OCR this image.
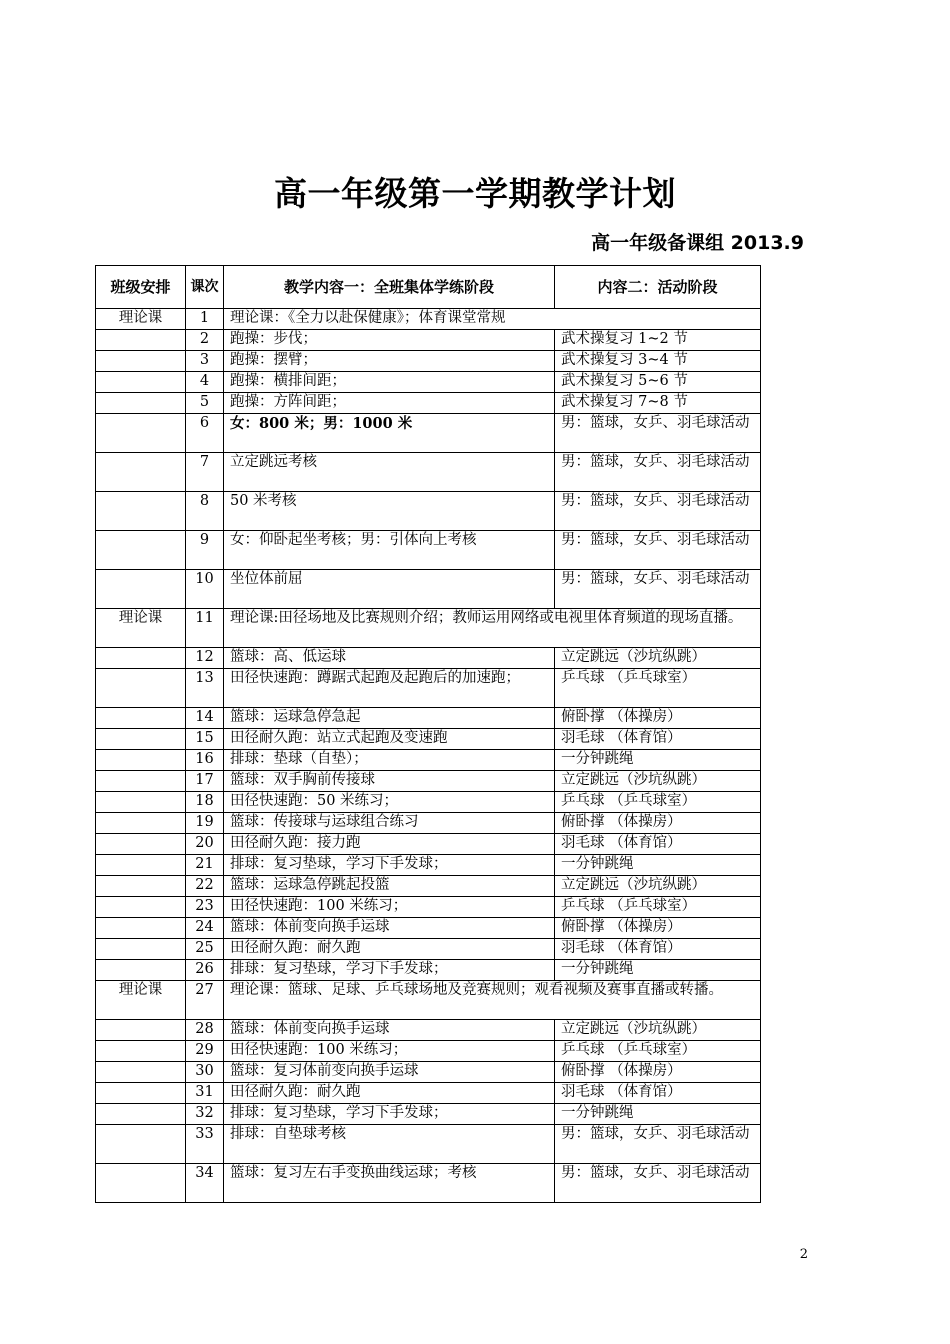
高一年级第一学期教学计划
高一年级备课组 2013.9
班级安排	课次	教学内容一：全班集体学练阶段	内容二：活动阶段
理论课	1	理论课：《全力以赴保健康》；体育课堂常规	
	2	跑操：步伐；	武术操复习 1~2 节
	3	跑操：摆臂；	武术操复习 3~4 节
	4	跑操：横排间距；	武术操复习 5~6 节
	5	跑操：方阵间距；	武术操复习 7~8 节
	6	女：800 米；男：1000 米	男：篮球，女乒、羽毛球活动
	7	立定跳远考核	男：篮球，女乒、羽毛球活动
	8	50 米考核	男：篮球，女乒、羽毛球活动
	9	女：仰卧起坐考核；男：引体向上考核	男：篮球，女乒、羽毛球活动
	10	坐位体前屈	男：篮球，女乒、羽毛球活动
理论课	11	理论课:田径场地及比赛规则介绍；教师运用网络或电视里体育频道的现场直播。	
	12	篮球：高、低运球	立定跳远（沙坑纵跳）
	13	田径快速跑：蹲踞式起跑及起跑后的加速跑；	乒乓球 （乒乓球室）
	14	篮球：运球急停急起	俯卧撑 （体操房）
	15	田径耐久跑：站立式起跑及变速跑	羽毛球 （体育馆）
	16	排球：垫球（自垫）；	一分钟跳绳
	17	篮球：双手胸前传接球	立定跳远（沙坑纵跳）
	18	田径快速跑：50 米练习；	乒乓球 （乒乓球室）
	19	篮球：传接球与运球组合练习	俯卧撑 （体操房）
	20	田径耐久跑：接力跑	羽毛球 （体育馆）
	21	排球：复习垫球，学习下手发球；	一分钟跳绳
	22	篮球：运球急停跳起投篮	立定跳远（沙坑纵跳）
	23	田径快速跑：100 米练习；	乒乓球 （乒乓球室）
	24	篮球：体前变向换手运球	俯卧撑 （体操房）
	25	田径耐久跑：耐久跑	羽毛球 （体育馆）
	26	排球：复习垫球，学习下手发球；	一分钟跳绳
理论课	27	理论课：篮球、足球、乒乓球场地及竞赛规则；观看视频及赛事直播或转播。	
	28	篮球：体前变向换手运球	立定跳远（沙坑纵跳）
	29	田径快速跑：100 米练习；	乒乓球 （乒乓球室）
	30	篮球：复习体前变向换手运球	俯卧撑 （体操房）
	31	田径耐久跑：耐久跑	羽毛球 （体育馆）
	32	排球：复习垫球，学习下手发球；	一分钟跳绳
	33	排球：自垫球考核	男：篮球，女乒、羽毛球活动
	34	篮球：复习左右手变换曲线运球；考核	男：篮球，女乒、羽毛球活动
2
